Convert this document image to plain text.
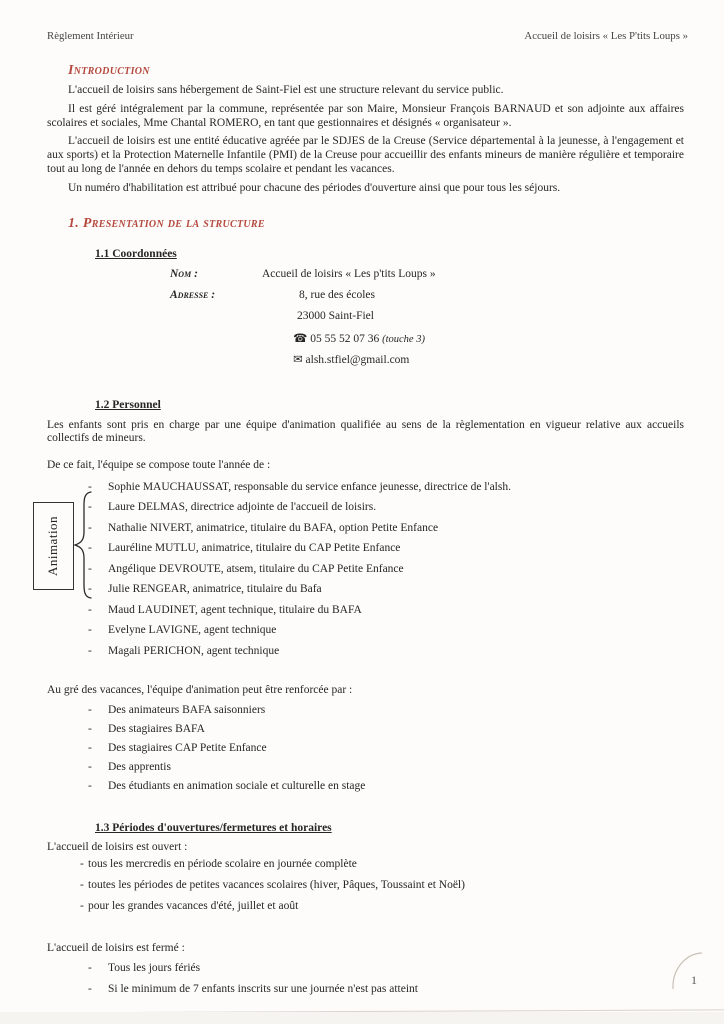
Règlement Intérieur	Accueil de loisirs « Les P'tits Loups »
Introduction

L'accueil de loisirs sans hébergement de Saint-Fiel est une structure relevant du service public.

Il est géré intégralement par la commune, représentée par son Maire, Monsieur François BARNAUD et son adjointe aux affaires scolaires et sociales, Mme Chantal ROMERO, en tant que gestionnaires et désignés « organisateur ».

L'accueil de loisirs est une entité éducative agréée par le SDJES de la Creuse (Service départemental à la jeunesse, à l'engagement et aux sports) et la Protection Maternelle Infantile (PMI) de la Creuse pour accueillir des enfants mineurs de manière régulière et temporaire tout au long de l'année en dehors du temps scolaire et pendant les vacances.

Un numéro d'habilitation est attribué pour chacune des périodes d'ouverture ainsi que pour tous les séjours.

1. Presentation de la structure
1.1 Coordonnées
Nom :	Accueil de loisirs « Les p'tits Loups »
Adresse :	8, rue des écoles
23000 Saint-Fiel
☎ 05 55 52 07 36 (touche 3)
✉ alsh.stfiel@gmail.com
1.2 Personnel

Les enfants sont pris en charge par une équipe d'animation qualifiée au sens de la règlementation en vigueur relative aux accueils collectifs de mineurs.

De ce fait, l'équipe se compose toute l'année de :

Animation
- Sophie MAUCHAUSSAT, responsable du service enfance jeunesse, directrice de l'alsh.
- Laure DELMAS, directrice adjointe de l'accueil de loisirs.
- Nathalie NIVERT, animatrice, titulaire du BAFA, option Petite Enfance
- Lauréline MUTLU, animatrice, titulaire du CAP Petite Enfance
- Angélique DEVROUTE, atsem, titulaire du CAP Petite Enfance
- Julie RENGEAR, animatrice, titulaire du Bafa
- Maud LAUDINET, agent technique, titulaire du BAFA
- Evelyne LAVIGNE, agent technique
- Magali PERICHON, agent technique

Au gré des vacances, l'équipe d'animation peut être renforcée par :

- Des animateurs BAFA saisonniers
- Des stagiaires BAFA
- Des stagiaires CAP Petite Enfance
- Des apprentis
- Des étudiants en animation sociale et culturelle en stage
1.3 Périodes d'ouvertures/fermetures et horaires

L'accueil de loisirs est ouvert :

- tous les mercredis en période scolaire en journée complète
- toutes les périodes de petites vacances scolaires (hiver, Pâques, Toussaint et Noël)
- pour les grandes vacances d'été, juillet et août

L'accueil de loisirs est fermé :

- Tous les jours fériés
- Si le minimum de 7 enfants inscrits sur une journée n'est pas atteint
1
